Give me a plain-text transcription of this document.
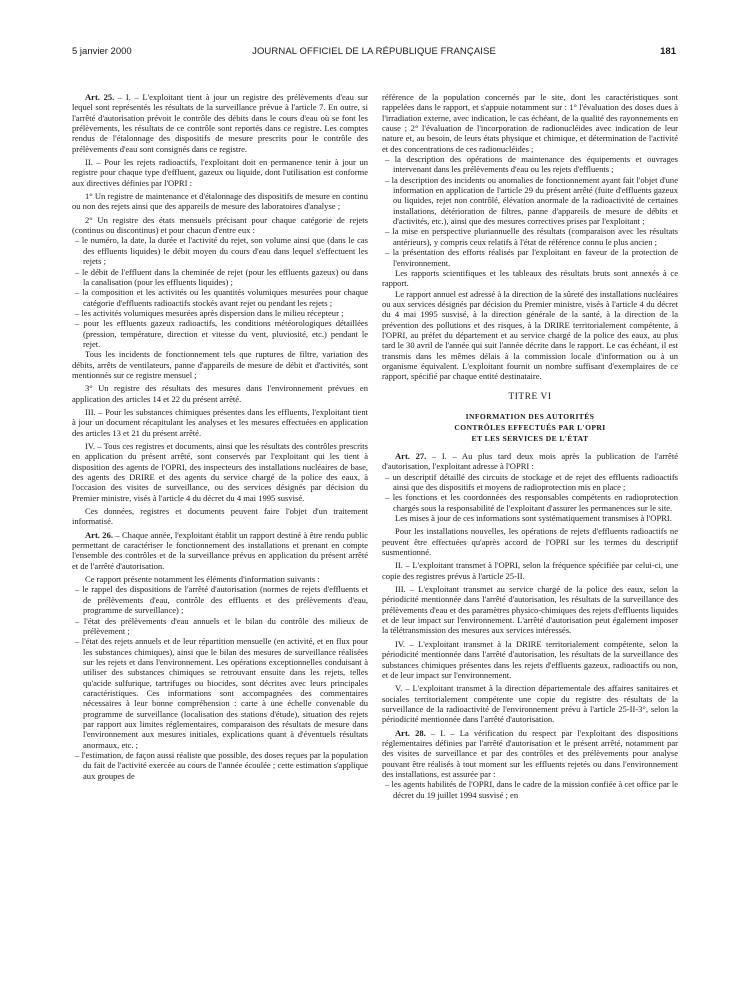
5 janvier 2000	JOURNAL OFFICIEL DE LA RÉPUBLIQUE FRANÇAISE	181

Art. 25. – I. – L'exploitant tient à jour un registre des prélèvements d'eau sur lequel sont représentés les résultats de la surveillance prévue à l'article 7. En outre, si l'arrêté d'autorisation prévoit le contrôle des débits dans le cours d'eau où se font les prélèvements, les résultats de ce contrôle sont reportés dans ce registre. Les comptes rendus de l'étalonnage des dispositifs de mesure prescrits pour le contrôle des prélèvements d'eau sont consignés dans ce registre.

II. – Pour les rejets radioactifs, l'exploitant doit en permanence tenir à jour un registre pour chaque type d'effluent, gazeux ou liquide, dont l'utilisation est conforme aux directives définies par l'OPRI :

1° Un registre de maintenance et d'étalonnage des dispositifs de mesure en continu ou non des rejets ainsi que des appareils de mesure des laboratoires d'analyse ;

2° Un registre des états mensuels précisant pour chaque catégorie de rejets (continus ou discontinus) et pour chacun d'entre eux :

– le numéro, la date, la durée et l'activité du rejet, son volume ainsi que (dans le cas des effluents liquides) le débit moyen du cours d'eau dans lequel s'effectuent les rejets ;
– le débit de l'effluent dans la cheminée de rejet (pour les effluents gazeux) ou dans la canalisation (pour les effluents liquides) ;
– la composition et les activités ou les quantités volumiques mesurées pour chaque catégorie d'effluents radioactifs stockés avant rejet ou pendant les rejets ;
– les activités volumiques mesurées après dispersion dans le milieu récepteur ;
– pour les effluents gazeux radioactifs, les conditions météorologiques détaillées (pression, température, direction et vitesse du vent, pluviosité, etc.) pendant le rejet.

Tous les incidents de fonctionnement tels que ruptures de filtre, variation des débits, arrêts de ventilateurs, panne d'appareils de mesure de débit et d'activités, sont mentionnés sur ce registre mensuel ;

3° Un registre des résultats des mesures dans l'environnement prévues en application des articles 14 et 22 du présent arrêté.

III. – Pour les substances chimiques présentes dans les effluents, l'exploitant tient à jour un document récapitulant les analyses et les mesures effectuées en application des articles 13 et 21 du présent arrêté.

IV. – Tous ces registres et documents, ainsi que les résultats des contrôles prescrits en application du présent arrêté, sont conservés par l'exploitant qui les tient à disposition des agents de l'OPRI, des inspecteurs des installations nucléaires de base, des agents des DRIRE et des agents du service chargé de la police des eaux, à l'occasion des visites de surveillance, ou des services désignés par décision du Premier ministre, visés à l'article 4 du décret du 4 mai 1995 susvisé.

Ces données, registres et documents peuvent faire l'objet d'un traitement informatisé.

Art. 26. – Chaque année, l'exploitant établit un rapport destiné à être rendu public permettant de caractériser le fonctionnement des installations et prenant en compte l'ensemble des contrôles et de la surveillance prévus en application du présent arrêté et de l'arrêté d'autorisation.

Ce rapport présente notamment les éléments d'information suivants :

– le rappel des dispositions de l'arrêté d'autorisation (normes de rejets d'effluents et de prélèvements d'eau, contrôle des effluents et des prélèvements d'eau, programme de surveillance) ;
– l'état des prélèvements d'eau annuels et le bilan du contrôle des milieux de prélèvement ;
– l'état des rejets annuels et de leur répartition mensuelle (en activité, et en flux pour les substances chimiques), ainsi que le bilan des mesures de surveillance réalisées sur les rejets et dans l'environnement. Les opérations exceptionnelles conduisant à utiliser des substances chimiques se retrouvant ensuite dans les rejets, telles qu'acide sulfurique, tartrifuges ou biocides, sont décrites avec leurs principales caractéristiques. Ces informations sont accompagnées des commentaires nécessaires à leur bonne compréhension : carte à une échelle convenable du programme de surveillance (localisation des stations d'étude), situation des rejets par rapport aux limites réglementaires, comparaison des résultats de mesure dans l'environnement aux mesures initiales, explications quant à d'éventuels résultats anormaux, etc. ;
– l'estimation, de façon aussi réaliste que possible, des doses reçues par la population du fait de l'activité exercée au cours de l'année écoulée ; cette estimation s'applique aux groupes de

référence de la population concernés par le site, dont les caractéristiques sont rappelées dans le rapport, et s'appuie notamment sur : 1° l'évaluation des doses dues à l'irradiation externe, avec indication, le cas échéant, de la qualité des rayonnements en cause ; 2° l'évaluation de l'incorporation de radionucléides avec indication de leur nature et, au besoin, de leurs états physique et chimique, et détermination de l'activité et des concentrations de ces radionucléides ;

– la description des opérations de maintenance des équipements et ouvrages intervenant dans les prélèvements d'eau ou les rejets d'effluents ;
– la description des incidents ou anomalies de fonctionnement ayant fait l'objet d'une information en application de l'article 29 du présent arrêté (fuite d'effluents gazeux ou liquides, rejet non contrôlé, élévation anormale de la radioactivité de certaines installations, détérioration de filtres, panne d'appareils de mesure de débits et d'activités, etc.), ainsi que des mesures correctives prises par l'exploitant ;
– la mise en perspective pluriannuelle des résultats (comparaison avec les résultats antérieurs), y compris ceux relatifs à l'état de référence connu le plus ancien ;
– la présentation des efforts réalisés par l'exploitant en faveur de la protection de l'environnement.

Les rapports scientifiques et les tableaux des résultats bruts sont annexés à ce rapport.

Le rapport annuel est adressé à la direction de la sûreté des installations nucléaires ou aux services désignés par décision du Premier ministre, visés à l'article 4 du décret du 4 mai 1995 susvisé, à la direction générale de la santé, à la direction de la prévention des pollutions et des risques, à la DRIRE territorialement compétente, à l'OPRI, au préfet du département et au service chargé de la police des eaux, au plus tard le 30 avril de l'année qui suit l'année décrite dans le rapport. Le cas échéant, il est transmis dans les mêmes délais à la commission locale d'information ou à un organisme équivalent. L'exploitant fournit un nombre suffisant d'exemplaires de ce rapport, spécifié par chaque entité destinataire.

TITRE VI

INFORMATION DES AUTORITÉS

CONTRÔLES EFFECTUÉS PAR L'OPRI

ET LES SERVICES DE L'ÉTAT

Art. 27. – I. – Au plus tard deux mois après la publication de l'arrêté d'autorisation, l'exploitant adresse à l'OPRI :

– un descriptif détaillé des circuits de stockage et de rejet des effluents radioactifs ainsi que des dispositifs et moyens de radioprotection mis en place ;
– les fonctions et les coordonnées des responsables compétents en radioprotection chargés sous la responsabilité de l'exploitant d'assurer les permanences sur le site.

Les mises à jour de ces informations sont systématiquement transmises à l'OPRI.

Pour les installations nouvelles, les opérations de rejets d'effluents radioactifs ne peuvent être effectuées qu'après accord de l'OPRI sur les termes du descriptif susmentionné.

II. – L'exploitant transmet à l'OPRI, selon la fréquence spécifiée par celui-ci, une copie des registres prévus à l'article 25-II.

III. – L'exploitant transmet au service chargé de la police des eaux, selon la périodicité mentionnée dans l'arrêté d'autorisation, les résultats de la surveillance des prélèvements d'eau et des paramètres physico-chimiques des rejets d'effluents liquides et de leur impact sur l'environnement. L'arrêté d'autorisation peut également imposer la télétransmission des mesures aux services intéressés.

IV. – L'exploitant transmet à la DRIRE territorialement compétente, selon la périodicité mentionnée dans l'arrêté d'autorisation, les résultats de la surveillance des substances chimiques présentes dans les rejets d'effluents gazeux, radioactifs ou non, et de leur impact sur l'environnement.

V. – L'exploitant transmet à la direction départementale des affaires sanitaires et sociales territorialement compétente une copie du registre des résultats de la surveillance de la radioactivité de l'environnement prévu à l'article 25-II-3°, selon la périodicité mentionnée dans l'arrêté d'autorisation.

Art. 28. – I. – La vérification du respect par l'exploitant des dispositions réglementaires définies par l'arrêté d'autorisation et le présent arrêté, notamment par des visites de surveillance et par des contrôles et des prélèvements pour analyse pouvant être réalisés à tout moment sur les effluents rejetés ou dans l'environnement des installations, est assurée par :

– les agents habilités de l'OPRI, dans le cadre de la mission confiée à cet office par le décret du 19 juillet 1994 susvisé ; en
